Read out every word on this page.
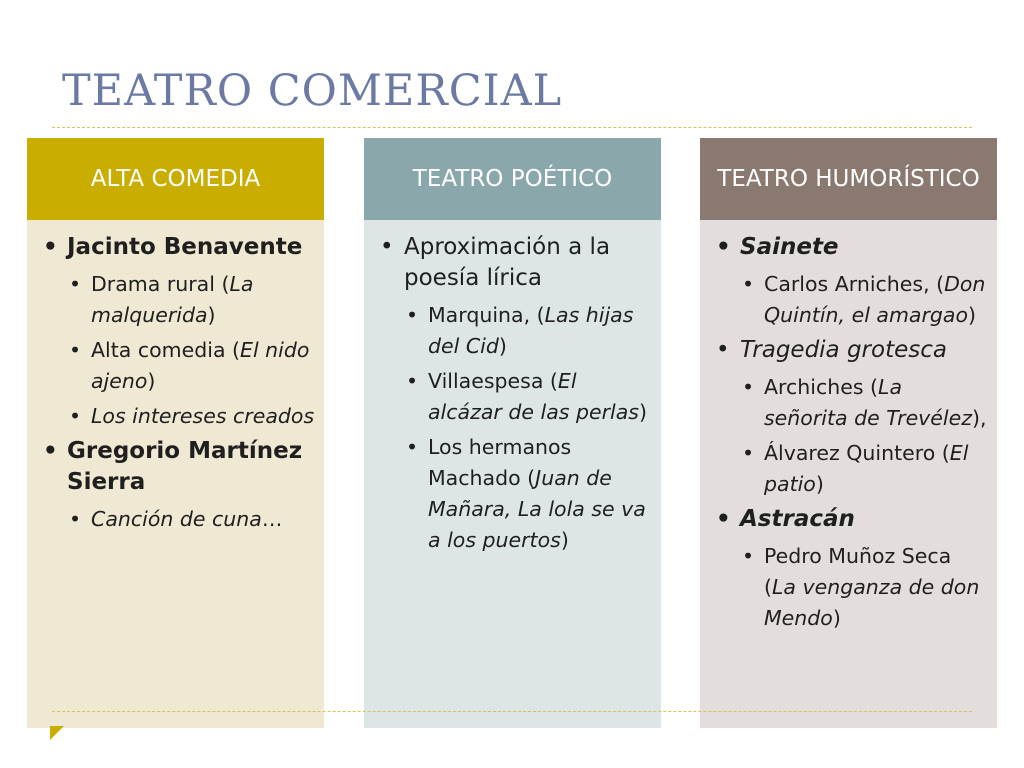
TEATRO COMERCIAL
ALTA COMEDIA

• Jacinto Benavente

• Drama rural (La malquerida)

• Alta comedia (El nido ajeno)

• Los intereses creados

• Gregorio Martínez Sierra

• Canción de cuna…

TEATRO POÉTICO

• Aproximación a la poesía lírica

• Marquina, (Las hijas del Cid)

• Villaespesa (El alcázar de las perlas)

• Los hermanos Machado (Juan de Mañara, La lola se va a los puertos)

TEATRO HUMORÍSTICO

• Sainete

• Carlos Arniches, (Don Quintín, el amargao)

• Tragedia grotesca

• Archiches (La señorita de Trevélez),

• Álvarez Quintero (El patio)

• Astracán

• Pedro Muñoz Seca (La venganza de don Mendo)
